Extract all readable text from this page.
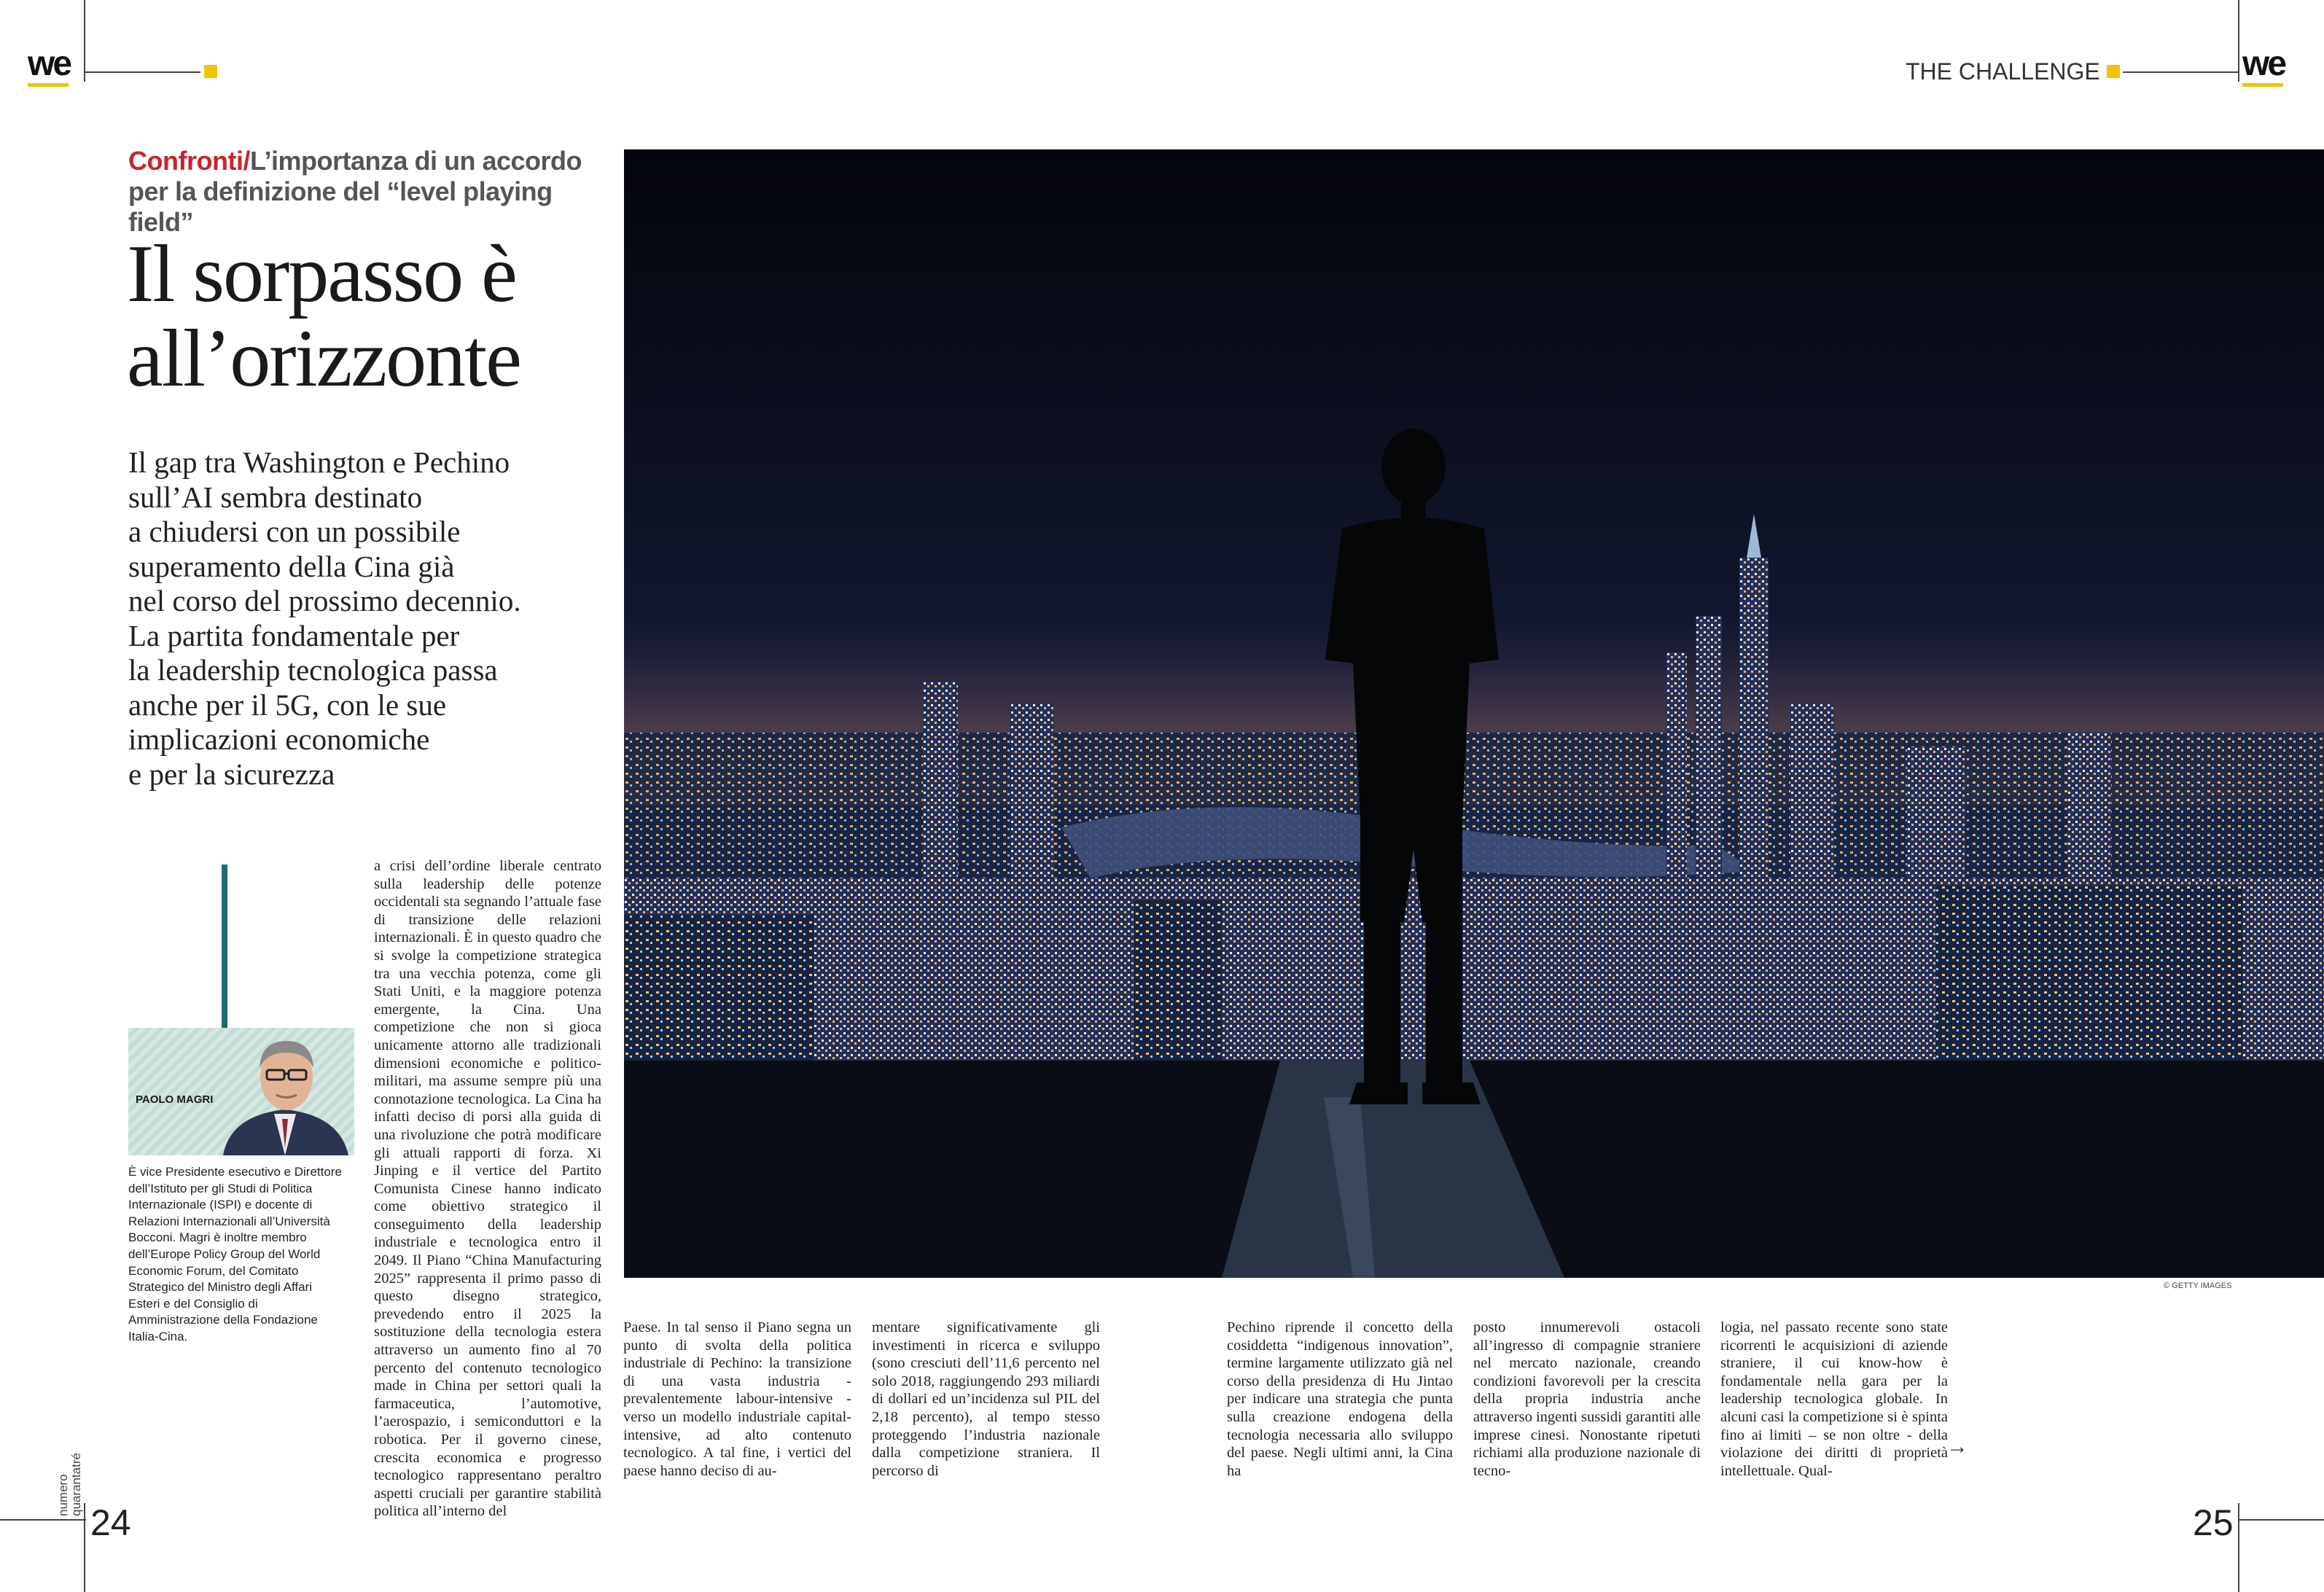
we	THE CHALLENGE	we
Confronti/L’importanza di un accordo
per la definizione del “level playing field”
Il sorpasso è
all’orizzonte
Il gap tra Washington e Pechino
sull’AI sembra destinato
a chiudersi con un possibile
superamento della Cina già
nel corso del prossimo decennio.
La partita fondamentale per
la leadership tecnologica passa
anche per il 5G, con le sue
implicazioni economiche
e per la sicurezza
PAOLO MAGRI
È vice Presidente esecutivo e Direttore dell’Istituto per gli Studi di Politica Internazionale (ISPI) e docente di Relazioni Internazionali all’Università Bocconi. Magri è inoltre membro dell’Europe Policy Group del World Economic Forum, del Comitato Strategico del Ministro degli Affari Esteri e del Consiglio di Amministrazione della Fondazione Italia-Cina.
a crisi dell’ordine liberale centrato sulla leadership delle potenze occidentali sta segnando l’attuale fase di transizione delle relazioni internazionali. È in questo quadro che si svolge la competizione strategica tra una vecchia potenza, come gli Stati Uniti, e la maggiore potenza emergente, la Cina. Una competizione che non si gioca unicamente attorno alle tradizionali dimensioni economiche e politico-militari, ma assume sempre più una connotazione tecnologica. La Cina ha infatti deciso di porsi alla guida di una rivoluzione che potrà modificare gli attuali rapporti di forza. Xi Jinping e il vertice del Partito Comunista Cinese hanno indicato come obiettivo strategico il conseguimento della leadership industriale e tecnologica entro il 2049. Il Piano “China Manufacturing 2025” rappresenta il primo passo di questo disegno strategico, prevedendo entro il 2025 la sostituzione della tecnologia estera attraverso un aumento fino al 70 percento del contenuto tecnologico made in China per settori quali la farmaceutica, l’automotive, l’aerospazio, i semiconduttori e la robotica. Per il governo cinese, crescita economica e progresso tecnologico rappresentano peraltro aspetti cruciali per garantire stabilità politica all’interno del
© GETTY IMAGES
Paese. In tal senso il Piano segna un punto di svolta della politica industriale di Pechino: la transizione di una vasta industria - prevalentemente labour-intensive - verso un modello industriale capital-intensive, ad alto contenuto tecnologico. A tal fine, i vertici del paese hanno deciso di au-
mentare significativamente gli investimenti in ricerca e sviluppo (sono cresciuti dell’11,6 percento nel solo 2018, raggiungendo 293 miliardi di dollari ed un’incidenza sul PIL del 2,18 percento), al tempo stesso proteggendo l’industria nazionale dalla competizione straniera. Il percorso di
Pechino riprende il concetto della cosiddetta “indigenous innovation”, termine largamente utilizzato già nel corso della presidenza di Hu Jintao per indicare una strategia che punta sulla creazione endogena della tecnologia necessaria allo sviluppo del paese. Negli ultimi anni, la Cina ha
posto innumerevoli ostacoli all’ingresso di compagnie straniere nel mercato nazionale, creando condizioni favorevoli per la crescita della propria industria anche attraverso ingenti sussidi garantiti alle imprese cinesi. Nonostante ripetuti richiami alla produzione nazionale di tecno-
logia, nel passato recente sono state ricorrenti le acquisizioni di aziende straniere, il cui know-how è fondamentale nella gara per la leadership tecnologica globale. In alcuni casi la competizione si è spinta fino ai limiti – se non oltre - della violazione dei diritti di proprietà intellettuale. Qual-
→
numero quarantatré
24	25
